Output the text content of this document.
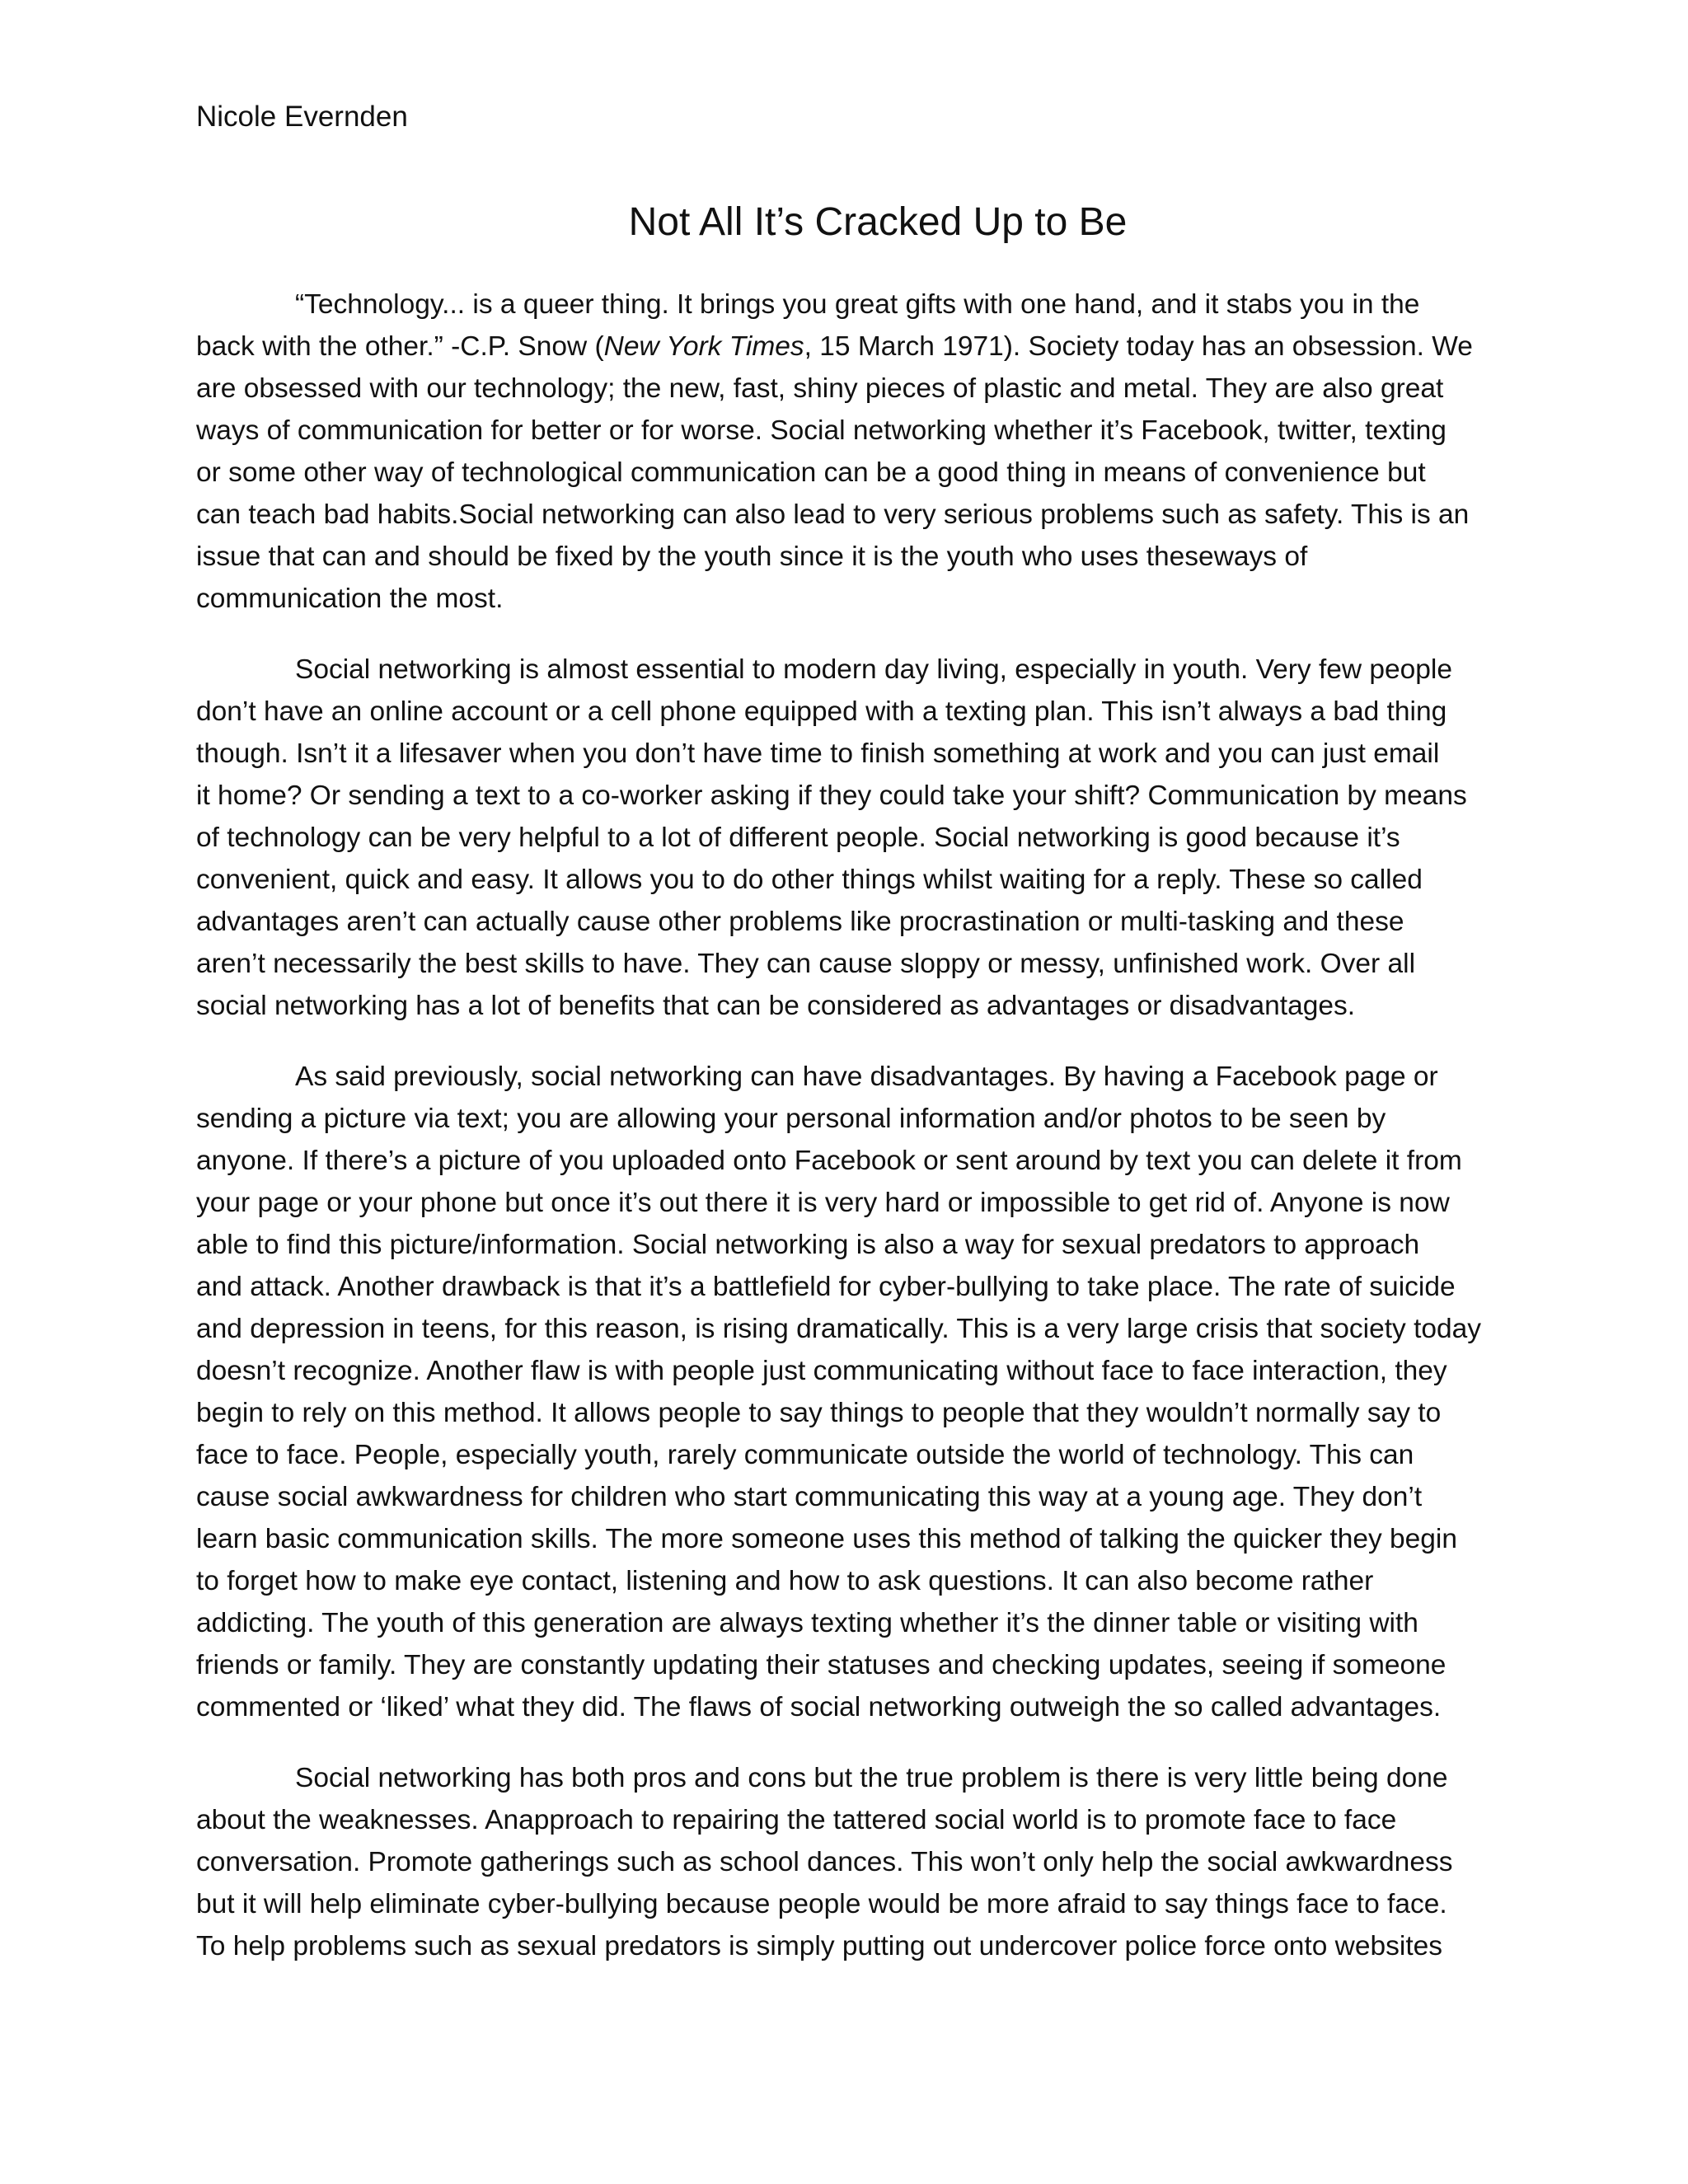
Nicole Evernden
Not All It’s Cracked Up to Be
“Technology... is a queer thing. It brings you great gifts with one hand, and it stabs you in the
back with the other.” -C.P. Snow (New York Times, 15 March 1971). Society today has an obsession. We
are obsessed with our technology; the new, fast, shiny pieces of plastic and metal. They are also great
ways of communication for better or for worse. Social networking whether it’s Facebook, twitter, texting
or some other way of technological communication can be a good thing in means of convenience but
can teach bad habits.Social networking can also lead to very serious problems such as safety. This is an
issue that can and should be fixed by the youth since it is the youth who uses theseways of
communication the most.
Social networking is almost essential to modern day living, especially in youth. Very few people
don’t have an online account or a cell phone equipped with a texting plan. This isn’t always a bad thing
though. Isn’t it a lifesaver when you don’t have time to finish something at work and you can just email
it home? Or sending a text to a co-worker asking if they could take your shift? Communication by means
of technology can be very helpful to a lot of different people. Social networking is good because it’s
convenient, quick and easy. It allows you to do other things whilst waiting for a reply. These so called
advantages aren’t can actually cause other problems like procrastination or multi-tasking and these
aren’t necessarily the best skills to have. They can cause sloppy or messy, unfinished work. Over all
social networking has a lot of benefits that can be considered as advantages or disadvantages.
As said previously, social networking can have disadvantages. By having a Facebook page or
sending a picture via text; you are allowing your personal information and/or photos to be seen by
anyone. If there’s a picture of you uploaded onto Facebook or sent around by text you can delete it from
your page or your phone but once it’s out there it is very hard or impossible to get rid of. Anyone is now
able to find this picture/information. Social networking is also a way for sexual predators to approach
and attack. Another drawback is that it’s a battlefield for cyber-bullying to take place. The rate of suicide
and depression in teens, for this reason, is rising dramatically. This is a very large crisis that society today
doesn’t recognize. Another flaw is with people just communicating without face to face interaction, they
begin to rely on this method. It allows people to say things to people that they wouldn’t normally say to
face to face. People, especially youth, rarely communicate outside the world of technology. This can
cause social awkwardness for children who start communicating this way at a young age. They don’t
learn basic communication skills. The more someone uses this method of talking the quicker they begin
to forget how to make eye contact, listening and how to ask questions. It can also become rather
addicting. The youth of this generation are always texting whether it’s the dinner table or visiting with
friends or family. They are constantly updating their statuses and checking updates, seeing if someone
commented or ‘liked’ what they did. The flaws of social networking outweigh the so called advantages.
Social networking has both pros and cons but the true problem is there is very little being done
about the weaknesses. Anapproach to repairing the tattered social world is to promote face to face
conversation. Promote gatherings such as school dances. This won’t only help the social awkwardness
but it will help eliminate cyber-bullying because people would be more afraid to say things face to face.
To help problems such as sexual predators is simply putting out undercover police force onto websites
